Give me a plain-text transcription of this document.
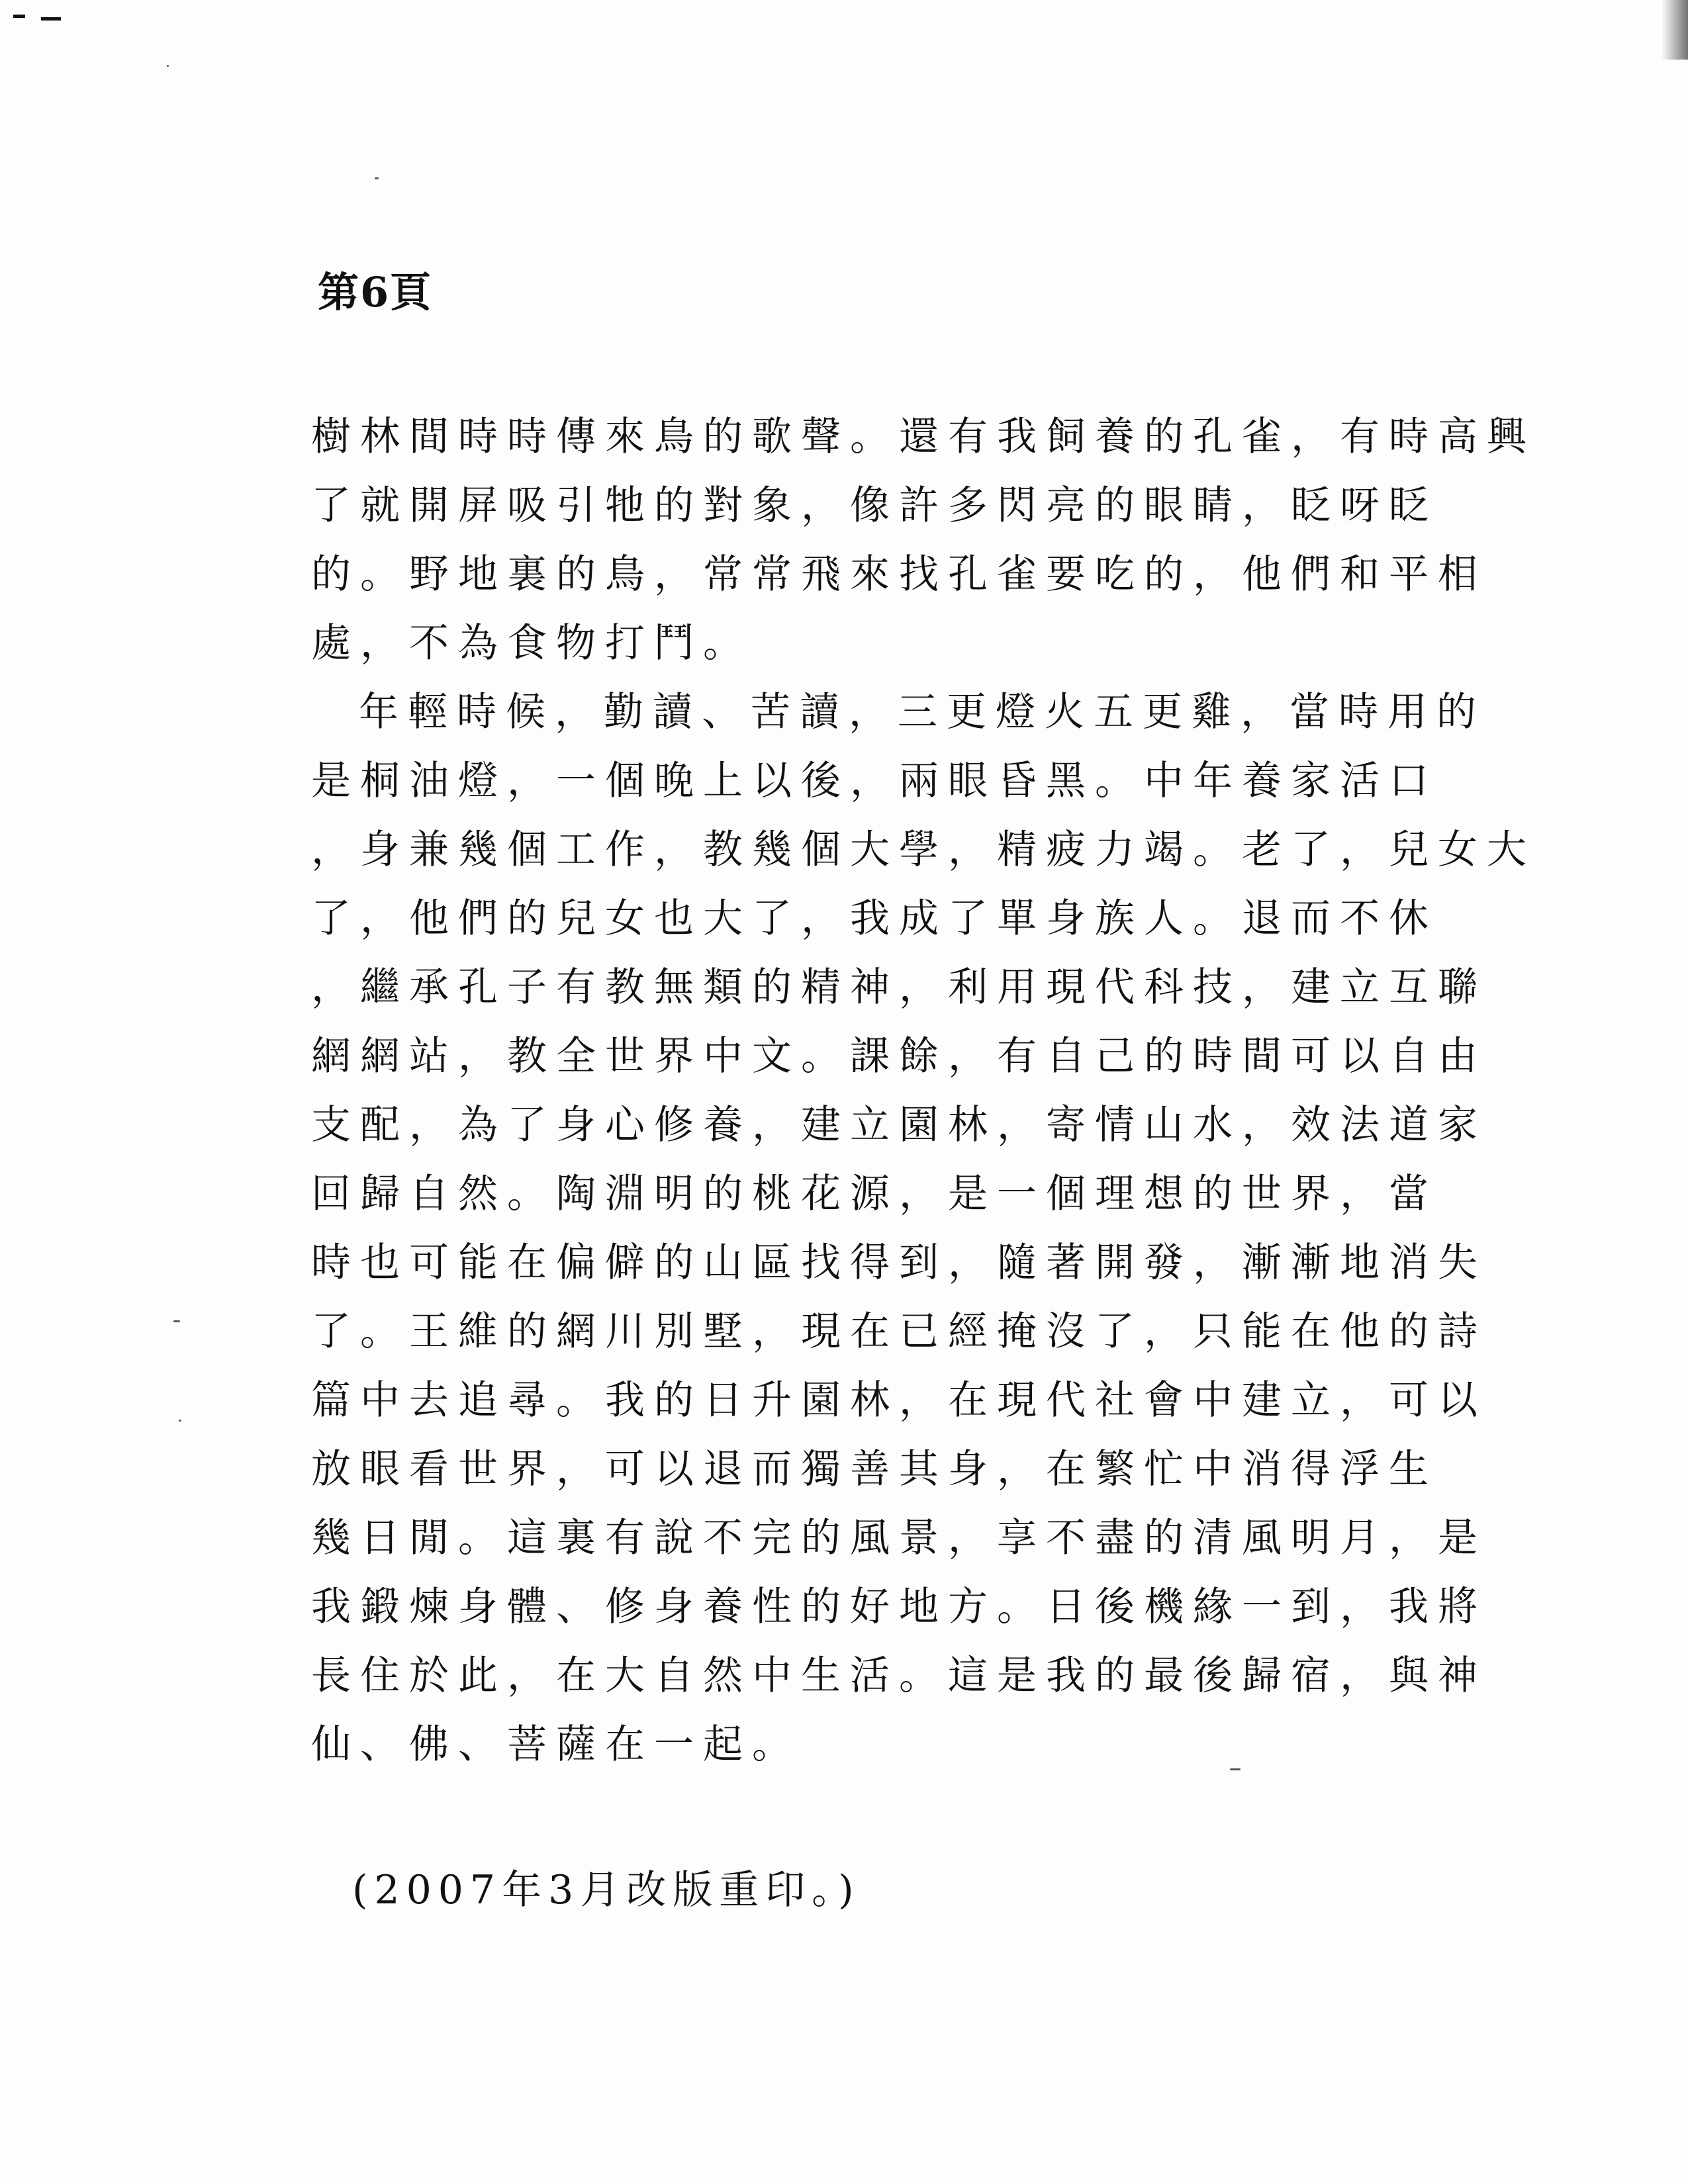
第6頁
樹林間時時傳來鳥的歌聲。還有我飼養的孔雀，有時高興
了就開屏吸引牠的對象，像許多閃亮的眼睛，眨呀眨
的。野地裏的鳥，常常飛來找孔雀要吃的，他們和平相
處，不為食物打鬥。
年輕時候，勤讀、苦讀，三更燈火五更雞，當時用的
是桐油燈，一個晚上以後，兩眼昏黑。中年養家活口
，身兼幾個工作，教幾個大學，精疲力竭。老了，兒女大
了，他們的兒女也大了，我成了單身族人。退而不休
，繼承孔子有教無類的精神，利用現代科技，建立互聯
網網站，教全世界中文。課餘，有自己的時間可以自由
支配，為了身心修養，建立園林，寄情山水，效法道家
回歸自然。陶淵明的桃花源，是一個理想的世界，當
時也可能在偏僻的山區找得到，隨著開發，漸漸地消失
了。王維的網川別墅，現在已經掩沒了，只能在他的詩
篇中去追尋。我的日升園林，在現代社會中建立，可以
放眼看世界，可以退而獨善其身，在繁忙中消得浮生
幾日閒。這裏有說不完的風景，享不盡的清風明月，是
我鍛煉身體、修身養性的好地方。日後機緣一到，我將
長住於此，在大自然中生活。這是我的最後歸宿，與神
仙、佛、菩薩在一起。
(2007年3月改版重印。)
